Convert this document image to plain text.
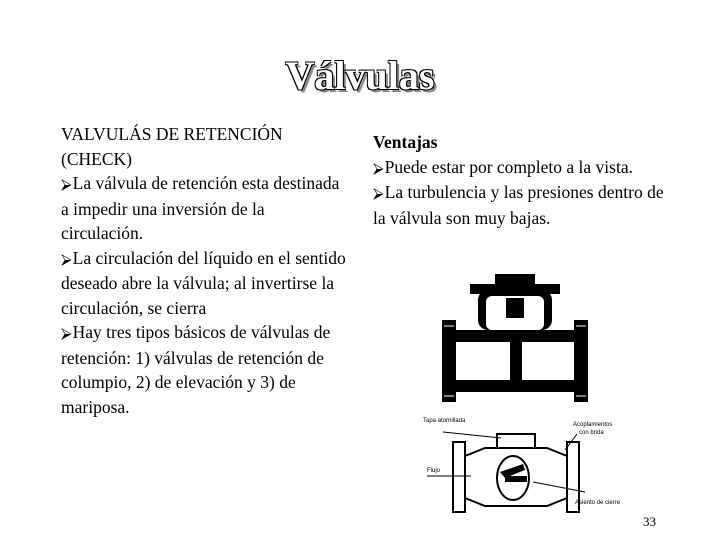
Válvulas

VALVULÁS DE RETENCIÓN
(CHECK)

⮚La válvula de retención esta destinada a impedir una inversión de la circulación.

⮚La circulación del líquido en el sentido deseado abre la válvula; al invertirse la circulación, se cierra

⮚Hay tres tipos básicos de válvulas de retención: 1) válvulas de retención de columpio, 2) de elevación y 3) de mariposa.

Ventajas

⮚Puede estar por completo a la vista.

⮚La turbulencia y las presiones dentro de la válvula son muy bajas.

Tapa atornillada
Acoplamientos
con brida
Flujo
Asiento de cierre
33
